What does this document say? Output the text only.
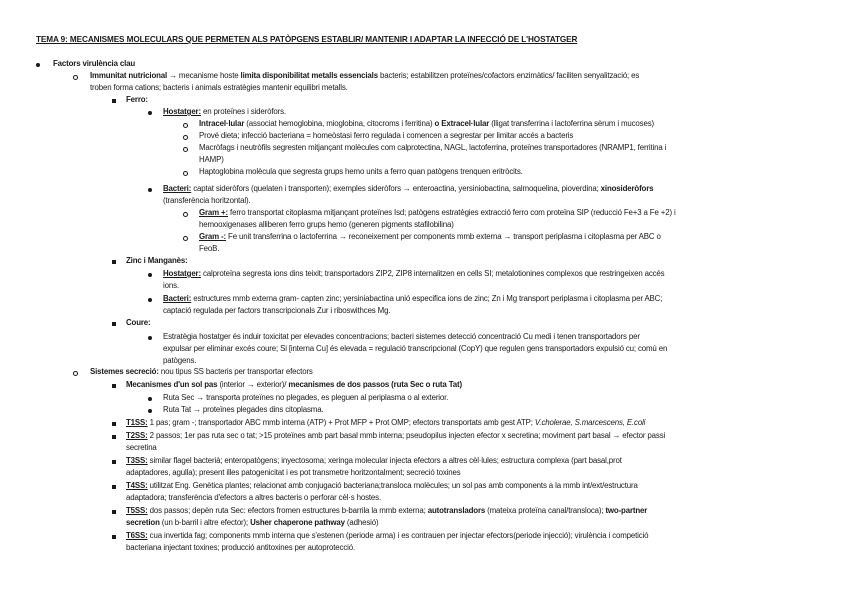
TEMA 9: MECANISMES MOLECULARS QUE PERMETEN ALS PATÒPGENS ESTABLIR/ MANTENIR I ADAPTAR LA INFECCIÓ DE L'HOSTATGER
Factors virulència clau
Immunitat nutricional → mecanisme hoste limita disponibilitat metalls essencials bacteris; estabilitzen proteïnes/cofactors enzimàtics/ faciliten senyalització; es
troben forma cations; bacteris i animals estratègies mantenir equilibri metalls.
Ferro:
Hostatger: en proteïnes i sideròfors.
Intracel·lular (associat hemoglobina, mioglobina, citocroms i ferritina) o Extracel·lular (lligat transferrina i lactoferrina sèrum i mucoses)
Prové dieta; infecció bacteriana = homeòstasi ferro regulada i comencen a segrestar per limitar accés a bacteris
Macròfags i neutròfils segresten mitjançant molècules com calprotectina, NAGL, lactoferrina, proteïnes transportadores (NRAMP1, ferritina i
HAMP)
Haptoglobina molècula que segresta grups hemo units a ferro quan patògens trenquen eritròcits.
Bacteri: captat sideròfors (quelaten i transporten); exemples sideròfors → enteroactina, yersiniobactina, salmoquelina, pioverdina; xinosideròfors
(transferència horitzontal).
Gram +: ferro transportat citoplasma mitjançant proteïnes Isd; patògens estratègies extracció ferro com proteïna SIP (reducció Fe+3 a Fe +2) i
hemooxigenases alliberen ferro grups hemo (generen pigments stafilobilina)
Gram -: Fe unit transferrina o lactoferrina → reconeixement per components mmb externa → transport periplasma i citoplasma per ABC o
FeoB.
Zinc i Manganès:
Hostatger: calproteïna segresta ions dins teixit; transportadors ZIP2, ZIP8 internalitzen en cells SI; metalotionines complexos que restringeixen accés
ions.
Bacteri: estructures mmb externa gram- capten zinc; yersiniabactina unió especifica ions de zinc; Zn i Mg transport periplasma i citoplasma per ABC;
captació regulada per factors transcripcionals Zur i riboswithces Mg.
Coure:
Estratègia hostatger és induir toxicitat per elevades concentracions; bacteri sistemes detecció concentració Cu medi i tenen transportadors per
expulsar per eliminar excés coure; Si [interna Cu] és elevada = regulació transcripcional (CopY) que regulen gens transportadors expulsió cu; comú en
patògens.
Sistemes secreció: nou tipus SS bacteris per transportar efectors
Mecanismes d'un sol pas (interior → exterior)/ mecanismes de dos passos (ruta Sec o ruta Tat)
Ruta Sec → transporta proteïnes no plegades, es pleguen al periplasma o al exterior.
Ruta Tat → proteïnes plegades dins citoplasma.
T1SS: 1 pas; gram -; transportador ABC mmb interna (ATP) + Prot MFP + Prot OMP; efectors transportats amb gest ATP; V.cholerae, S.marcescens, E.coli
T2SS: 2 passos; 1er pas ruta sec o tat; >15 proteïnes amb part basal mmb interna; pseudopilus injecten efector x secretina; moviment part basal → efector passi
secretina
T3SS: similar flagel bacterià; enteropatògens; inyectosoma; xeringa molecular injecta efectors a altres cèl·lules; estructura complexa (part basal,prot
adaptadores, agulla); present illes patogenicitat i es pot transmetre horitzontalment; secreció toxines
T4SS: utilitzat Eng. Genètica plantes; relacionat amb conjugació bacteriana;transloca molècules; un sol pas amb components a la mmb int/ext/estructura
adaptadora; transferència d'efectors a altres bacteris o perforar cèl·s hostes.
T5SS: dos passos; depèn ruta Sec: efectors fromen estructures b-barrila la mmb externa; autotransladors (mateixa proteïna canal/transloca); two-partner
secretion (un b-barril i altre efector); Usher chaperone pathway (adhesió)
T6SS: cua invertida fag; components mmb interna que s'estenen (periode arma) i es contrauen per injectar efectors(periode injecció); virulència i competició
bacteriana injectant toxines; producció antitoxines per autoprotecció.
